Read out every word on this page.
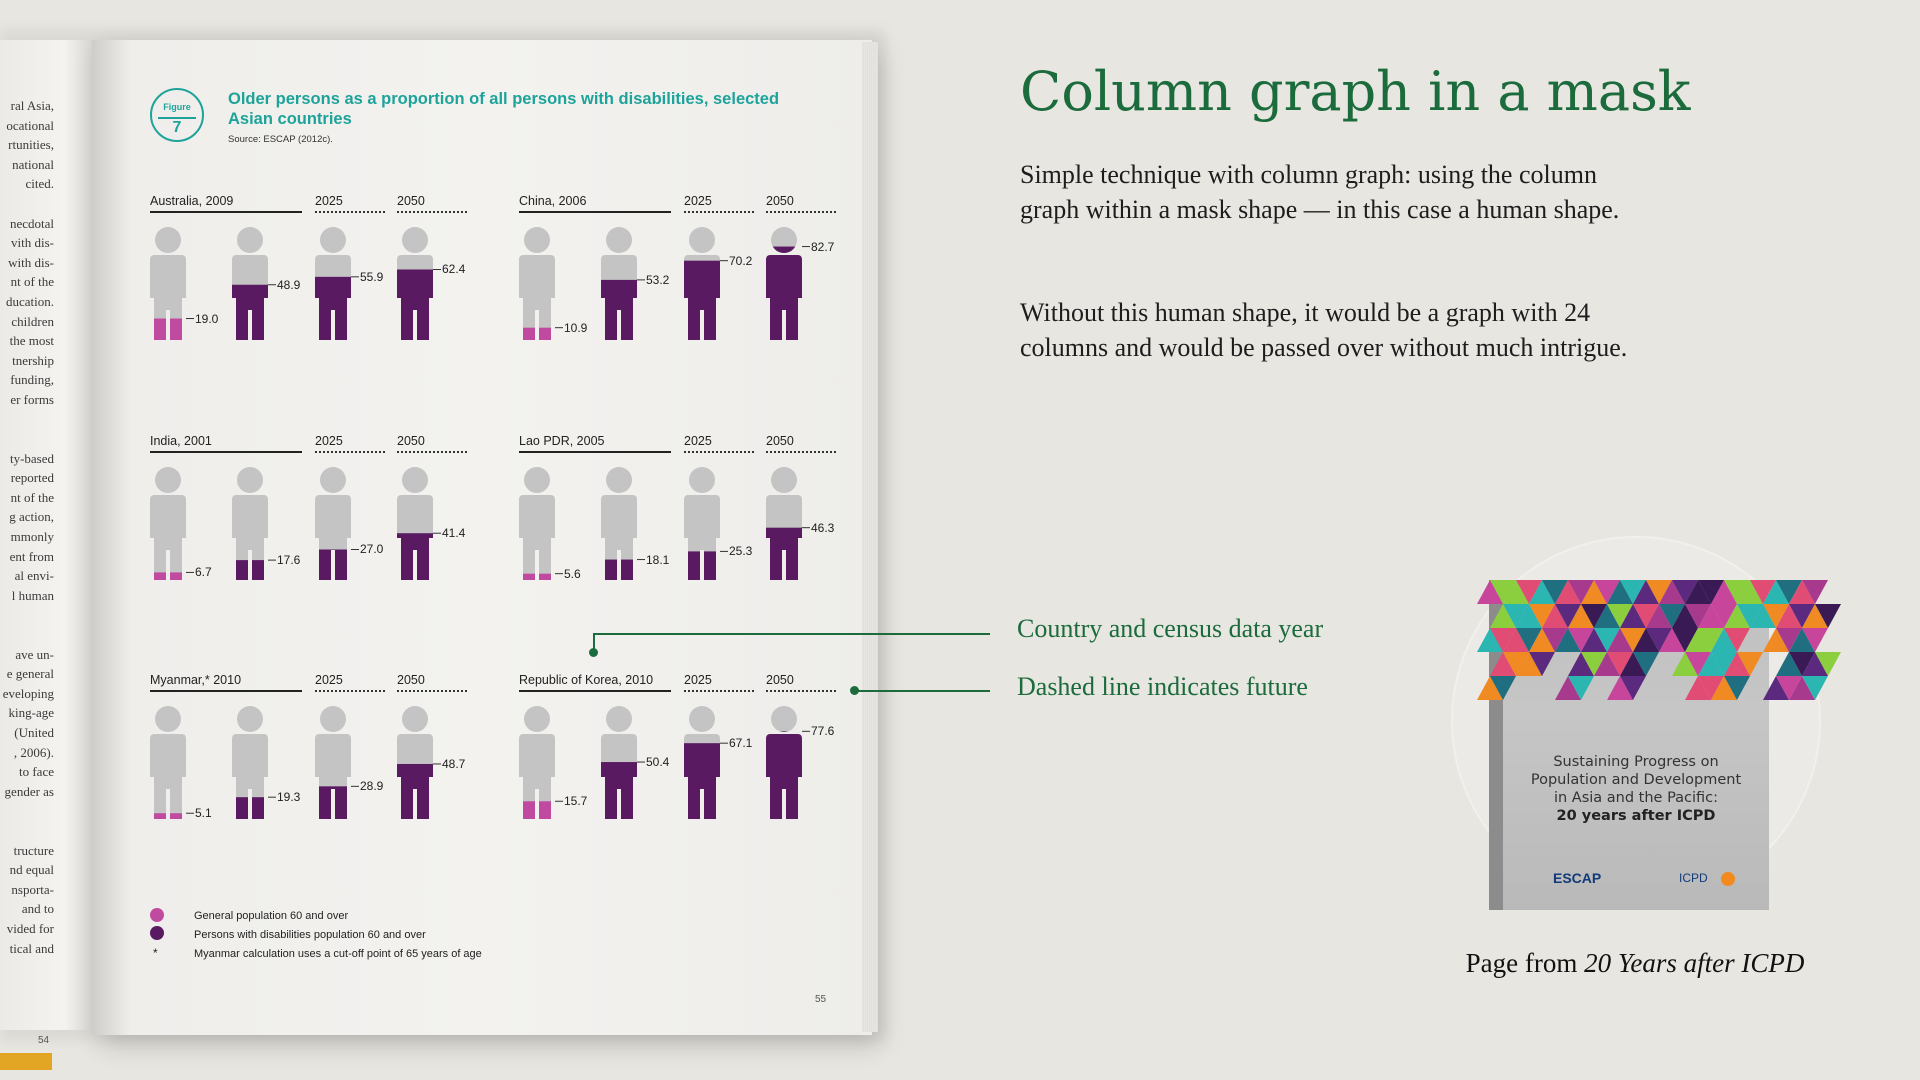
ral Asia,
ocational
rtunities,
national
cited.
necdotal
vith dis-
with dis-
nt of the
ducation.
children
the most
tnership
funding,
er forms
ty-based
reported
nt of the
g action,
mmonly
ent from
al envi-
l human
ave un-
e general
eveloping
king-age
(United
, 2006).
to face
gender as
tructure
nd equal
nsporta-
and to
vided for
tical and
54
Figure
7
Older persons as a proportion of all persons with disabilities, selected Asian countries
Source: ESCAP (2012c).
Australia, 2009	2025	2050
19.0
48.9
55.9
62.4
China, 2006	2025	2050
10.9
53.2
70.2
82.7
India, 2001	2025	2050
6.7
17.6
27.0
41.4
Lao PDR, 2005	2025	2050
5.6
18.1
25.3
46.3
Myanmar,* 2010	2025	2050
5.1
19.3
28.9
48.7
Republic of Korea, 2010 2025	2050
15.7
50.4
67.1
77.6
General population 60 and over
Persons with disabilities population 60 and over
*	Myanmar calculation uses a cut-off point of 65 years of age
55
Column graph in a mask
Simple technique with column graph: using the column graph within a mask shape — in this case a human shape.
Without this human shape, it would be a graph with 24 columns and would be passed over without much intrigue.
Country and census data year
Dashed line indicates future
Sustaining Progress on
Population and Development
in Asia and the Pacific:
20 years after ICPD
ESCAP	ICPD
Page from 20 Years after ICPD
